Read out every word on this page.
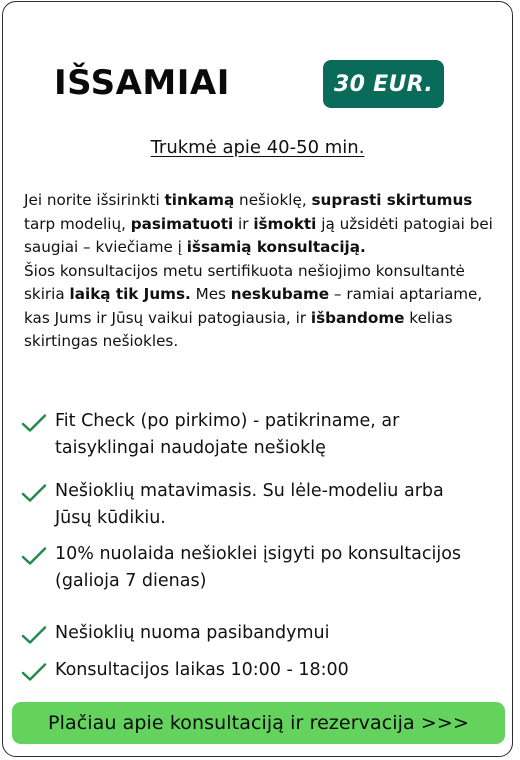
IŠSAMIAI	30 EUR.
Trukmė apie 40-50 min.

Jei norite išsirinkti tinkamą nešioklę, suprasti skirtumus tarp modelių, pasimatuoti ir išmokti ją užsidėti patogiai bei saugiai – kviečiame į išsamią konsultaciją.

Šios konsultacijos metu sertifikuota nešiojimo konsultantė skiria laiką tik Jums. Mes neskubame – ramiai aptariame, kas Jums ir Jūsų vaikui patogiausia, ir išbandome kelias skirtingas nešiokles.

Fit Check (po pirkimo) - patikriname, ar taisyklingai naudojate nešioklę
Nešioklių matavimasis. Su lėle-modeliu arba Jūsų kūdikiu.
10% nuolaida nešioklei įsigyti po konsultacijos (galioja 7 dienas)
Nešioklių nuoma pasibandymui
Konsultacijos laikas 10:00 - 18:00
Plačiau apie konsultaciją ir rezervacija >>>
